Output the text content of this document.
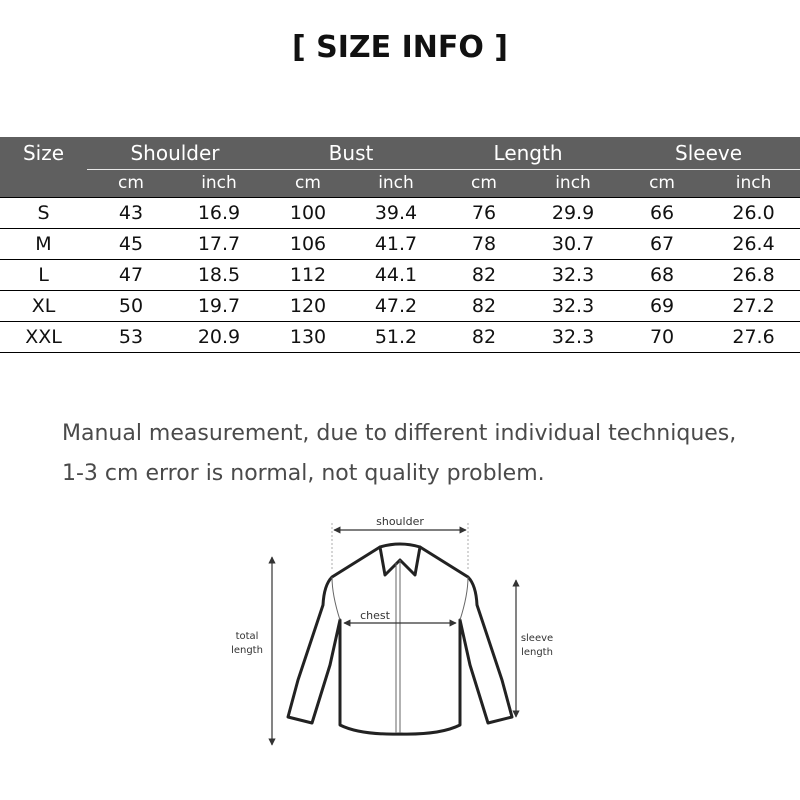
[ SIZE INFO ]
Size	Shoulder		Bust		Length		Sleeve	
	cm	inch	cm	inch	cm	inch	cm	inch
S	43	16.9	100	39.4	76	29.9	66	26.0
M	45	17.7	106	41.7	78	30.7	67	26.4
L	47	18.5	112	44.1	82	32.3	68	26.8
XL	50	19.7	120	47.2	82	32.3	69	27.2
XXL	53	20.9	130	51.2	82	32.3	70	27.6
Manual measurement, due to different individual techniques,
1-3 cm error is normal, not quality problem.
shoulder
chest
total
length
sleeve
length
